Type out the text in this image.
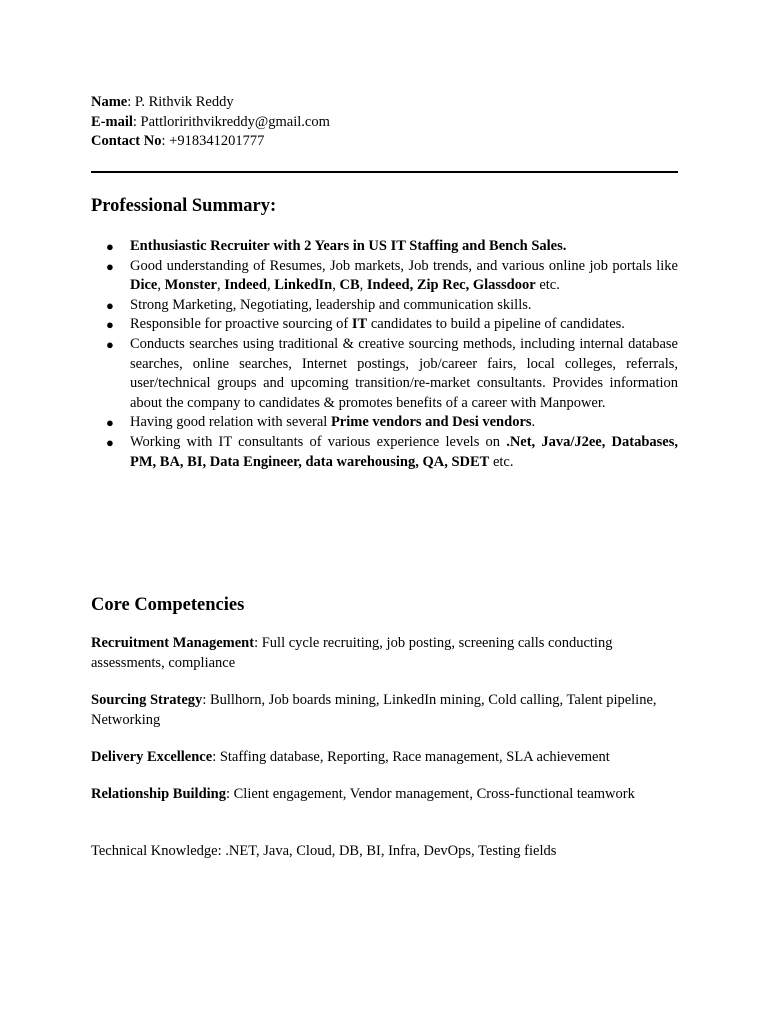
Name: P. Rithvik Reddy
E-mail: Pattloririthvikreddy@gmail.com
Contact No: +918341201777
Professional Summary:
● Enthusiastic Recruiter with 2 Years in US IT Staffing and Bench Sales.
● Good understanding of Resumes, Job markets, Job trends, and various online job portals like Dice, Monster, Indeed, LinkedIn, CB, Indeed, Zip Rec, Glassdoor etc.
● Strong Marketing, Negotiating, leadership and communication skills.
● Responsible for proactive sourcing of IT candidates to build a pipeline of candidates.
● Conducts searches using traditional & creative sourcing methods, including internal database searches, online searches, Internet postings, job/career fairs, local colleges, referrals, user/technical groups and upcoming transition/re-market consultants. Provides information about the company to candidates & promotes benefits of a career with Manpower.
● Having good relation with several Prime vendors and Desi vendors.
● Working with IT consultants of various experience levels on .Net, Java/J2ee, Databases, PM, BA, BI, Data Engineer, data warehousing, QA, SDET etc.
Core Competencies
Recruitment Management: Full cycle recruiting, job posting, screening calls conducting assessments, compliance
Sourcing Strategy: Bullhorn, Job boards mining, LinkedIn mining, Cold calling, Talent pipeline, Networking
Delivery Excellence: Staffing database, Reporting, Race management, SLA achievement
Relationship Building: Client engagement, Vendor management, Cross-functional teamwork
Technical Knowledge: .NET, Java, Cloud, DB, BI, Infra, DevOps, Testing fields
